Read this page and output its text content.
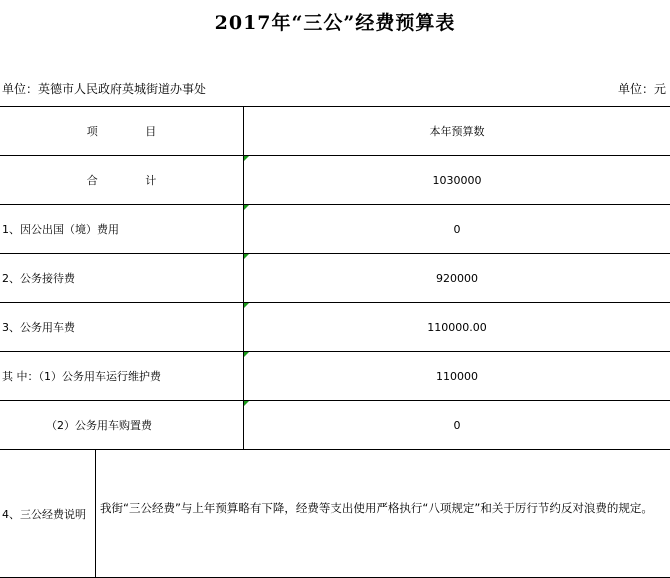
2017年“三公”经费预算表
单位：英德市人民政府英城街道办事处	单位：元
项 目	本年预算数
合 计	1030000
1、因公出国（境）费用	0
2、公务接待费	920000
3、公务用车费	110000.00
其 中：（1）公务用车运行维护费	110000
（2）公务用车购置费	0
4、三公经费说明	我街“三公经费”与上年预算略有下降，经费等支出使用严格执行“八项规定”和关于厉行节约反对浪费的规定。
